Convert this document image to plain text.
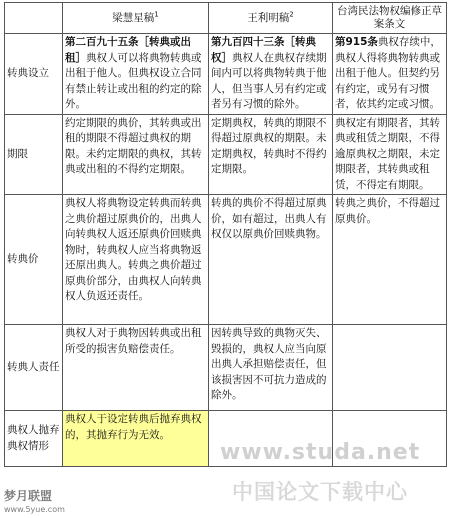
	梁慧星稿$^1$	王利明稿$^2$	台湾民法物权编修正草案条文
转典设立	第二百九十五条［转典或出租］典权人可以将典物转典或出租于他人。但典权设立合同有禁止转让或出租的约定的除外。	第九百四十三条［转典权］典权人在典权存续期间内可以将典物转典于他人，但当事人另有约定或者另有习惯的除外。	第915条典权存续中，典权人得将典物转典或出租于他人。但契约另有约定，或另有习惯者，依其约定或习惯。
期限	约定期限的典价，其转典或出租的期限不得超过典权的期限。未约定期限的典权，其转典或出租的不得约定期限。	定期典权，转典的期限不得超过原典权的期限。未定期典权，转典时不得约定期限。	典权定有期限者，其转典或租赁之期限，不得逾原典权之期限，未定期限者，其转典或租赁，不得定有期限。
转典价	典权人将典物设定转典而转典之典价超过原典价的，出典人向转典权人返还原典价回赎典物时，转典权人应当将典物返还原出典人。转典之典价超过原典价部分，由典权人向转典权人负返还责任。	转典的典价不得超过原典价，如有超过，出典人有权仅以原典价回赎典物。	转典之典价，不得超过原典价。
转典人责任	典权人对于典物因转典或出租所受的损害负赔偿责任。	因转典导致的典物灭失、毁损的，典权人应当向原出典人承担赔偿责任，但该损害因不可抗力造成的除外。	
典权人抛弃典权情形	典权人于设定转典后抛弃典权的，其抛弃行为无效。		
www.studa.net
中国论文下载中心
梦月联盟
www.5yue.com
